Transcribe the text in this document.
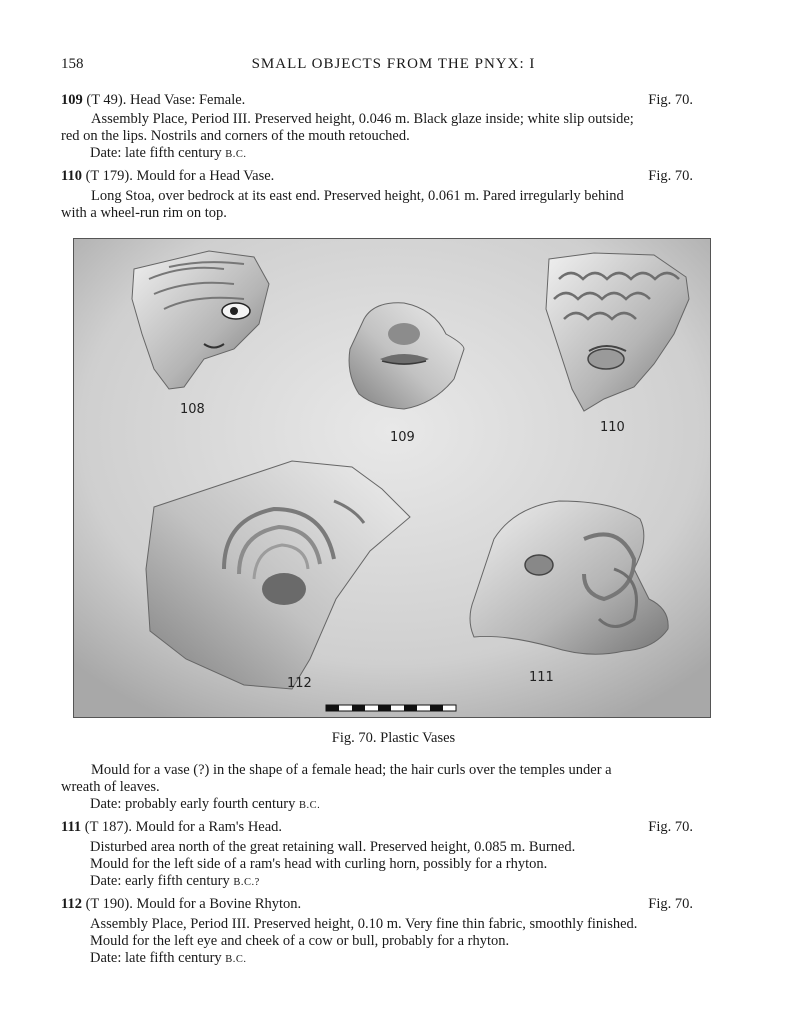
158	SMALL OBJECTS FROM THE PNYX: I
109 (T 49). Head Vase: Female.	Fig. 70.
Assembly Place, Period III. Preserved height, 0.046 m. Black glaze inside; white slip outside;
red on the lips. Nostrils and corners of the mouth retouched.
Date: late fifth century B.C.
110 (T 179). Mould for a Head Vase.	Fig. 70.
Long Stoa, over bedrock at its east end. Preserved height, 0.061 m. Pared irregularly behind
with a wheel-run rim on top.
108
109
110
112	111
Fig. 70. Plastic Vases
Mould for a vase (?) in the shape of a female head; the hair curls over the temples under a
wreath of leaves.
Date: probably early fourth century B.C.
111 (T 187). Mould for a Ram's Head.	Fig. 70.
Disturbed area north of the great retaining wall. Preserved height, 0.085 m. Burned.
Mould for the left side of a ram's head with curling horn, possibly for a rhyton.
Date: early fifth century B.C.?
112 (T 190). Mould for a Bovine Rhyton.	Fig. 70.
Assembly Place, Period III. Preserved height, 0.10 m. Very fine thin fabric, smoothly finished.
Mould for the left eye and cheek of a cow or bull, probably for a rhyton.
Date: late fifth century B.C.
